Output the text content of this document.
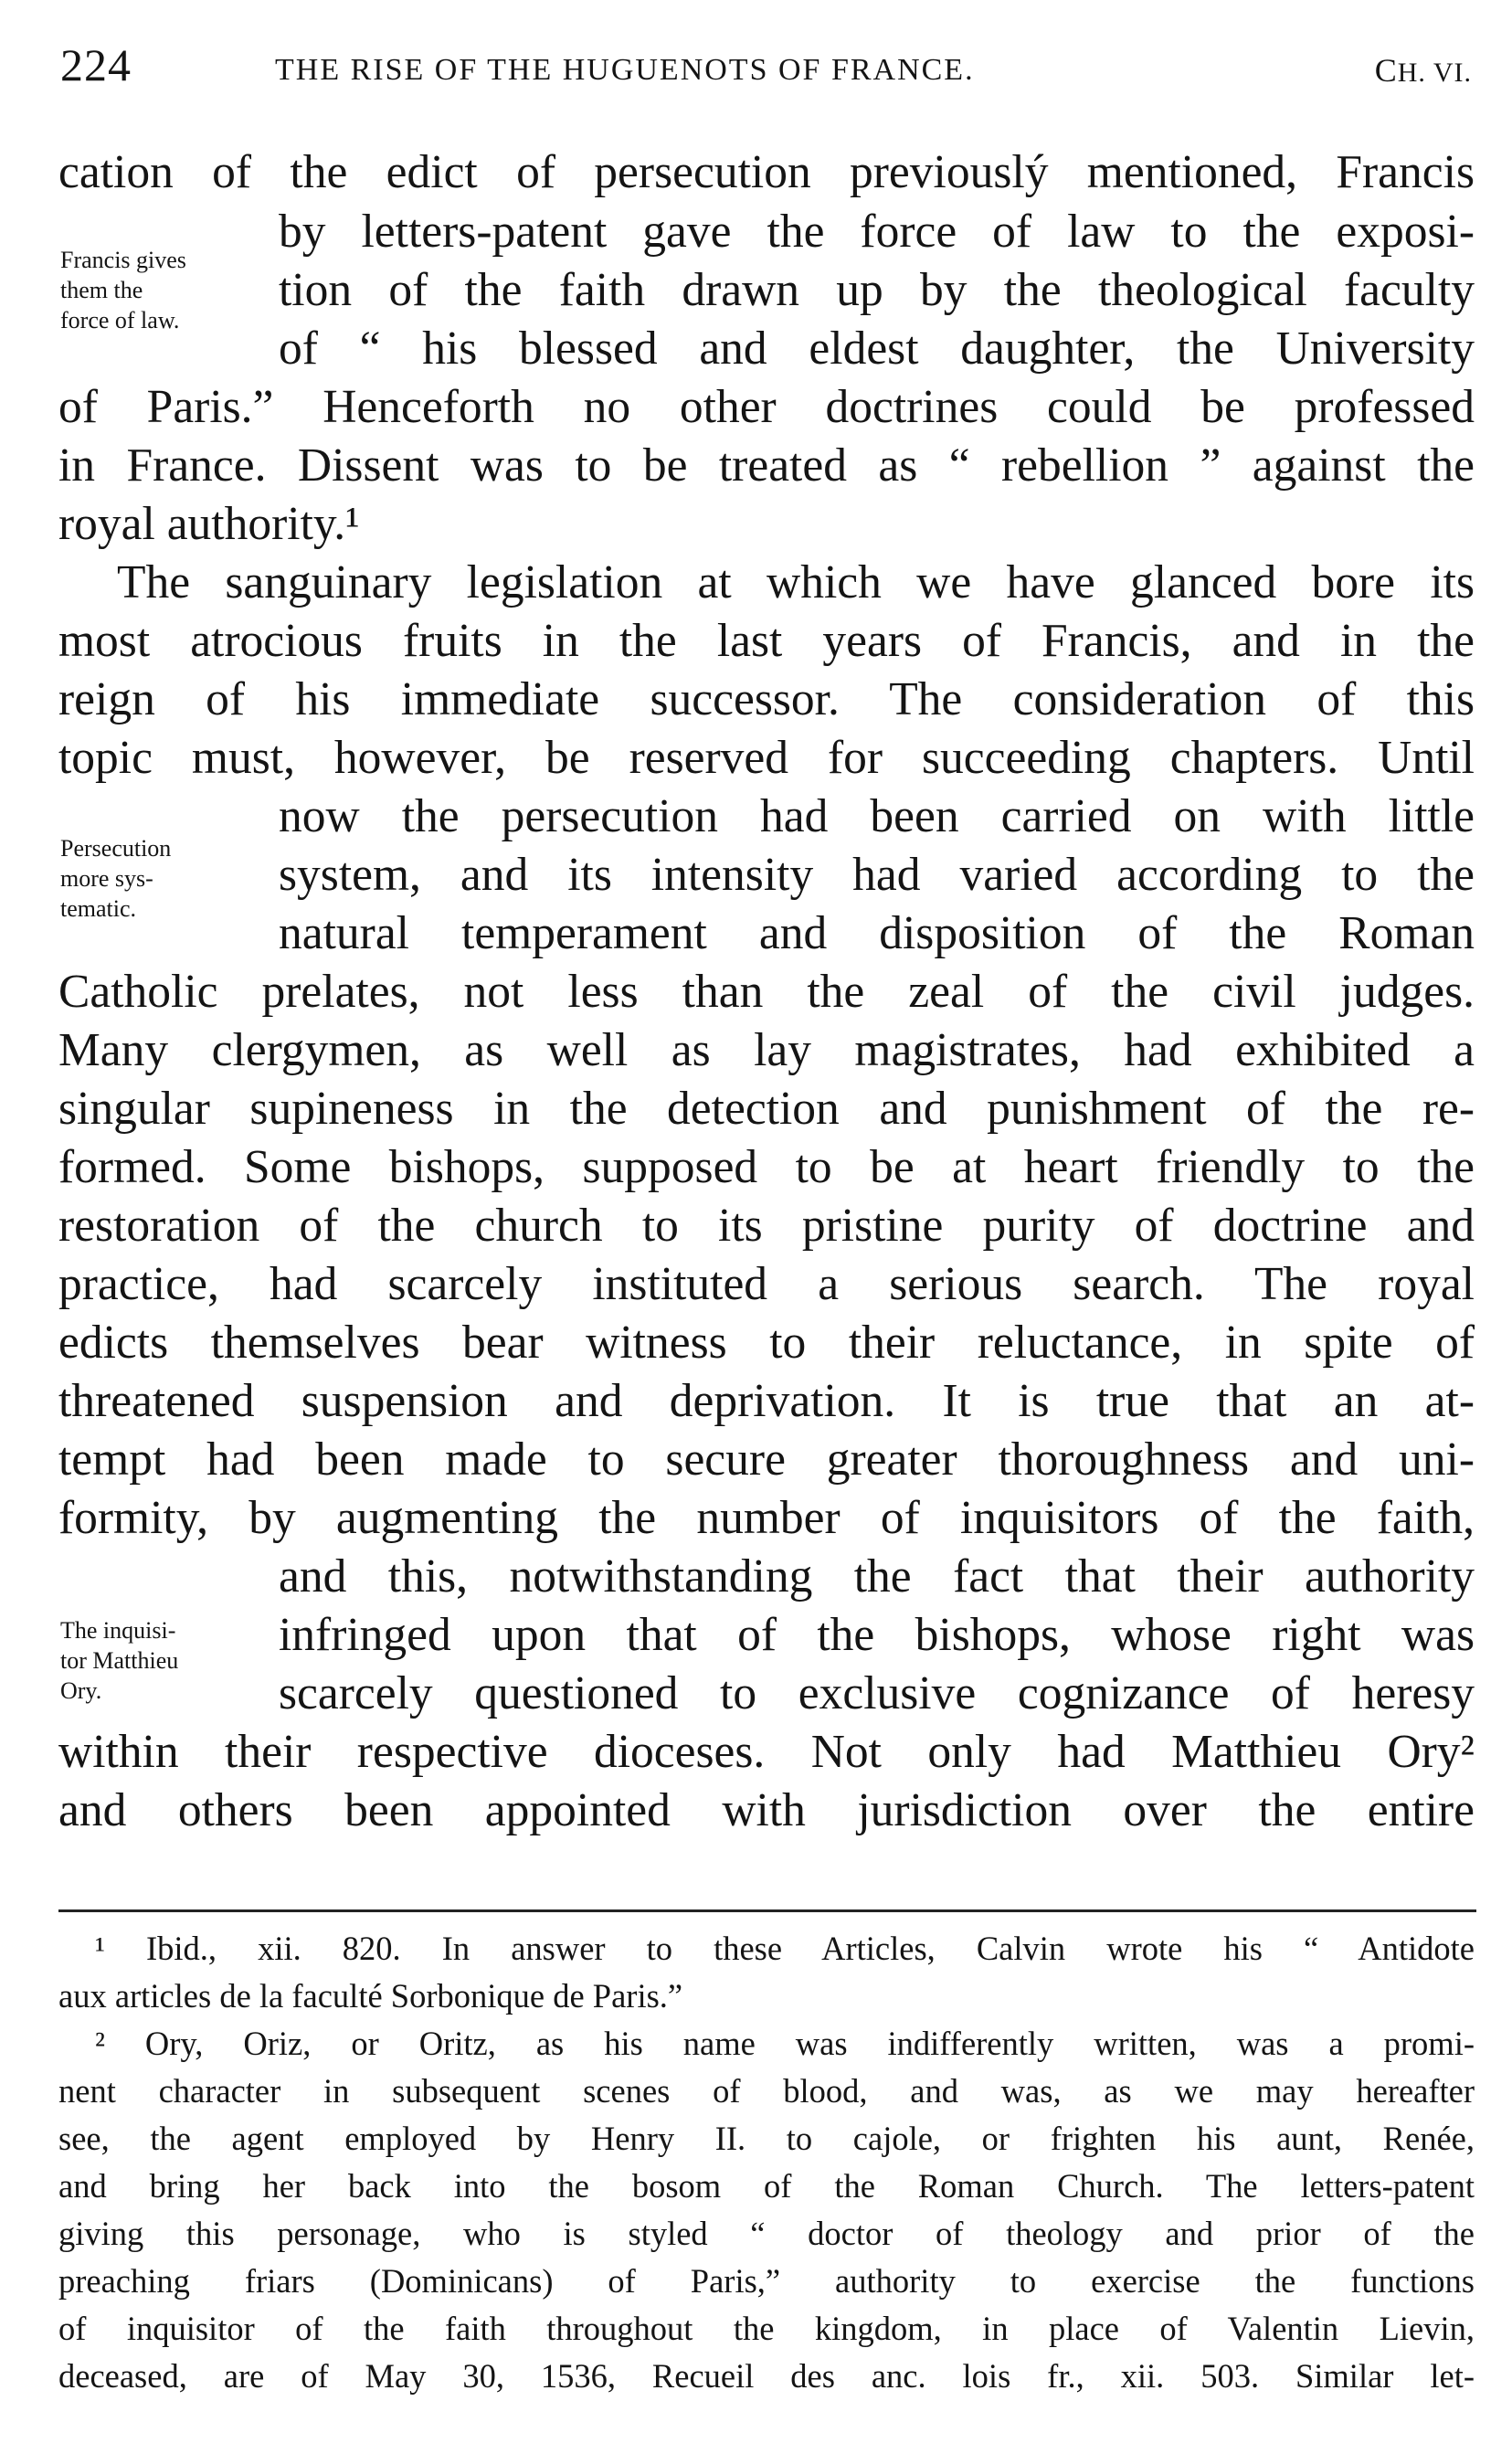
224	THE RISE OF THE HUGUENOTS OF FRANCE.	CH. VI.
Francis gives
them the
force of law.
Persecution
more sys-
tematic.
The inquisi-
tor Matthieu
Ory.
cation of the edict of persecution previouslý mentioned, Francis
by letters-patent gave the force of law to the exposi-
tion of the faith drawn up by the theological faculty
of “ his blessed and eldest daughter, the University
of Paris.” Henceforth no other doctrines could be professed
in France. Dissent was to be treated as “ rebellion ” against the
royal authority.¹
The sanguinary legislation at which we have glanced bore its
most atrocious fruits in the last years of Francis, and in the
reign of his immediate successor. The consideration of this
topic must, however, be reserved for succeeding chapters. Until
now the persecution had been carried on with little
system, and its intensity had varied according to the
natural temperament and disposition of the Roman
Catholic prelates, not less than the zeal of the civil judges.
Many clergymen, as well as lay magistrates, had exhibited a
singular supineness in the detection and punishment of the re-
formed. Some bishops, supposed to be at heart friendly to the
restoration of the church to its pristine purity of doctrine and
practice, had scarcely instituted a serious search. The royal
edicts themselves bear witness to their reluctance, in spite of
threatened suspension and deprivation. It is true that an at-
tempt had been made to secure greater thoroughness and uni-
formity, by augmenting the number of inquisitors of the faith,
and this, notwithstanding the fact that their authority
infringed upon that of the bishops, whose right was
scarcely questioned to exclusive cognizance of heresy
within their respective dioceses. Not only had Matthieu Ory²
and others been appointed with jurisdiction over the entire
¹ Ibid., xii. 820. In answer to these Articles, Calvin wrote his “ Antidote
aux articles de la faculté Sorbonique de Paris.”
² Ory, Oriz, or Oritz, as his name was indifferently written, was a promi-
nent character in subsequent scenes of blood, and was, as we may hereafter
see, the agent employed by Henry II. to cajole, or frighten his aunt, Renée,
and bring her back into the bosom of the Roman Church. The letters-patent
giving this personage, who is styled “ doctor of theology and prior of the
preaching friars (Dominicans) of Paris,” authority to exercise the functions
of inquisitor of the faith throughout the kingdom, in place of Valentin Lievin,
deceased, are of May 30, 1536, Recueil des anc. lois fr., xii. 503. Similar let-
